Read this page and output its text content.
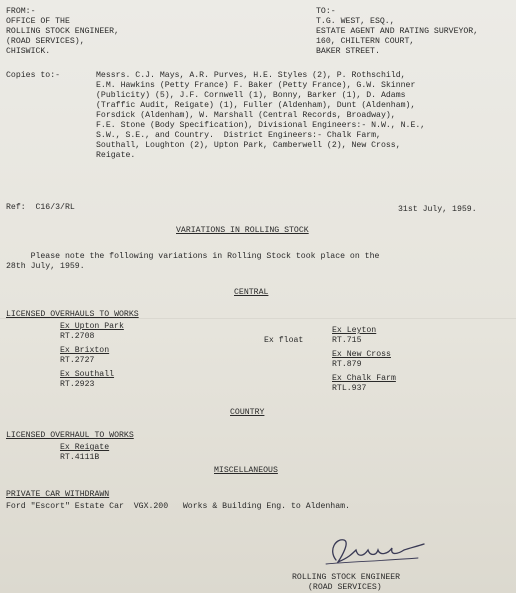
FROM:-
OFFICE OF THE
ROLLING STOCK ENGINEER,
(ROAD SERVICES),
CHISWICK.
TO:-
T.G. WEST, ESQ.,
ESTATE AGENT AND RATING SURVEYOR,
160, CHILTERN COURT,
BAKER STREET.
Copies to:-	Messrs. C.J. Mays, A.R. Purves, H.E. Styles (2), P. Rothschild,
E.M. Hawkins (Petty France) F. Baker (Petty France), G.W. Skinner
(Publicity) (5), J.F. Cornwell (1), Bonny, Barker (1), D. Adams
(Traffic Audit, Reigate) (1), Fuller (Aldenham), Dunt (Aldenham),
Forsdick (Aldenham), W. Marshall (Central Records, Broadway),
F.E. Stone (Body Specification), Divisional Engineers:- N.W., N.E.,
S.W., S.E., and Country.  District Engineers:- Chalk Farm,
Southall, Loughton (2), Upton Park, Camberwell (2), New Cross,
Reigate.
Ref:  C16/3/RL	31st July, 1959.
VARIATIONS IN ROLLING STOCK
Please note the following variations in Rolling Stock took place on the
28th July, 1959.
CENTRAL
LICENSED OVERHAULS TO WORKS
Ex Upton Park
RT.2708
Ex Brixton
RT.2727
Ex Southall
RT.2923
Ex float
Ex Leyton
RT.715
Ex New Cross
RT.879
Ex Chalk Farm
RTL.937
COUNTRY
LICENSED OVERHAUL TO WORKS
Ex Reigate
RT.4111B
MISCELLANEOUS
PRIVATE CAR WITHDRAWN
Ford "Escort" Estate Car  VGX.200   Works & Building Eng. to Aldenham.
ROLLING STOCK ENGINEER
(ROAD SERVICES)
